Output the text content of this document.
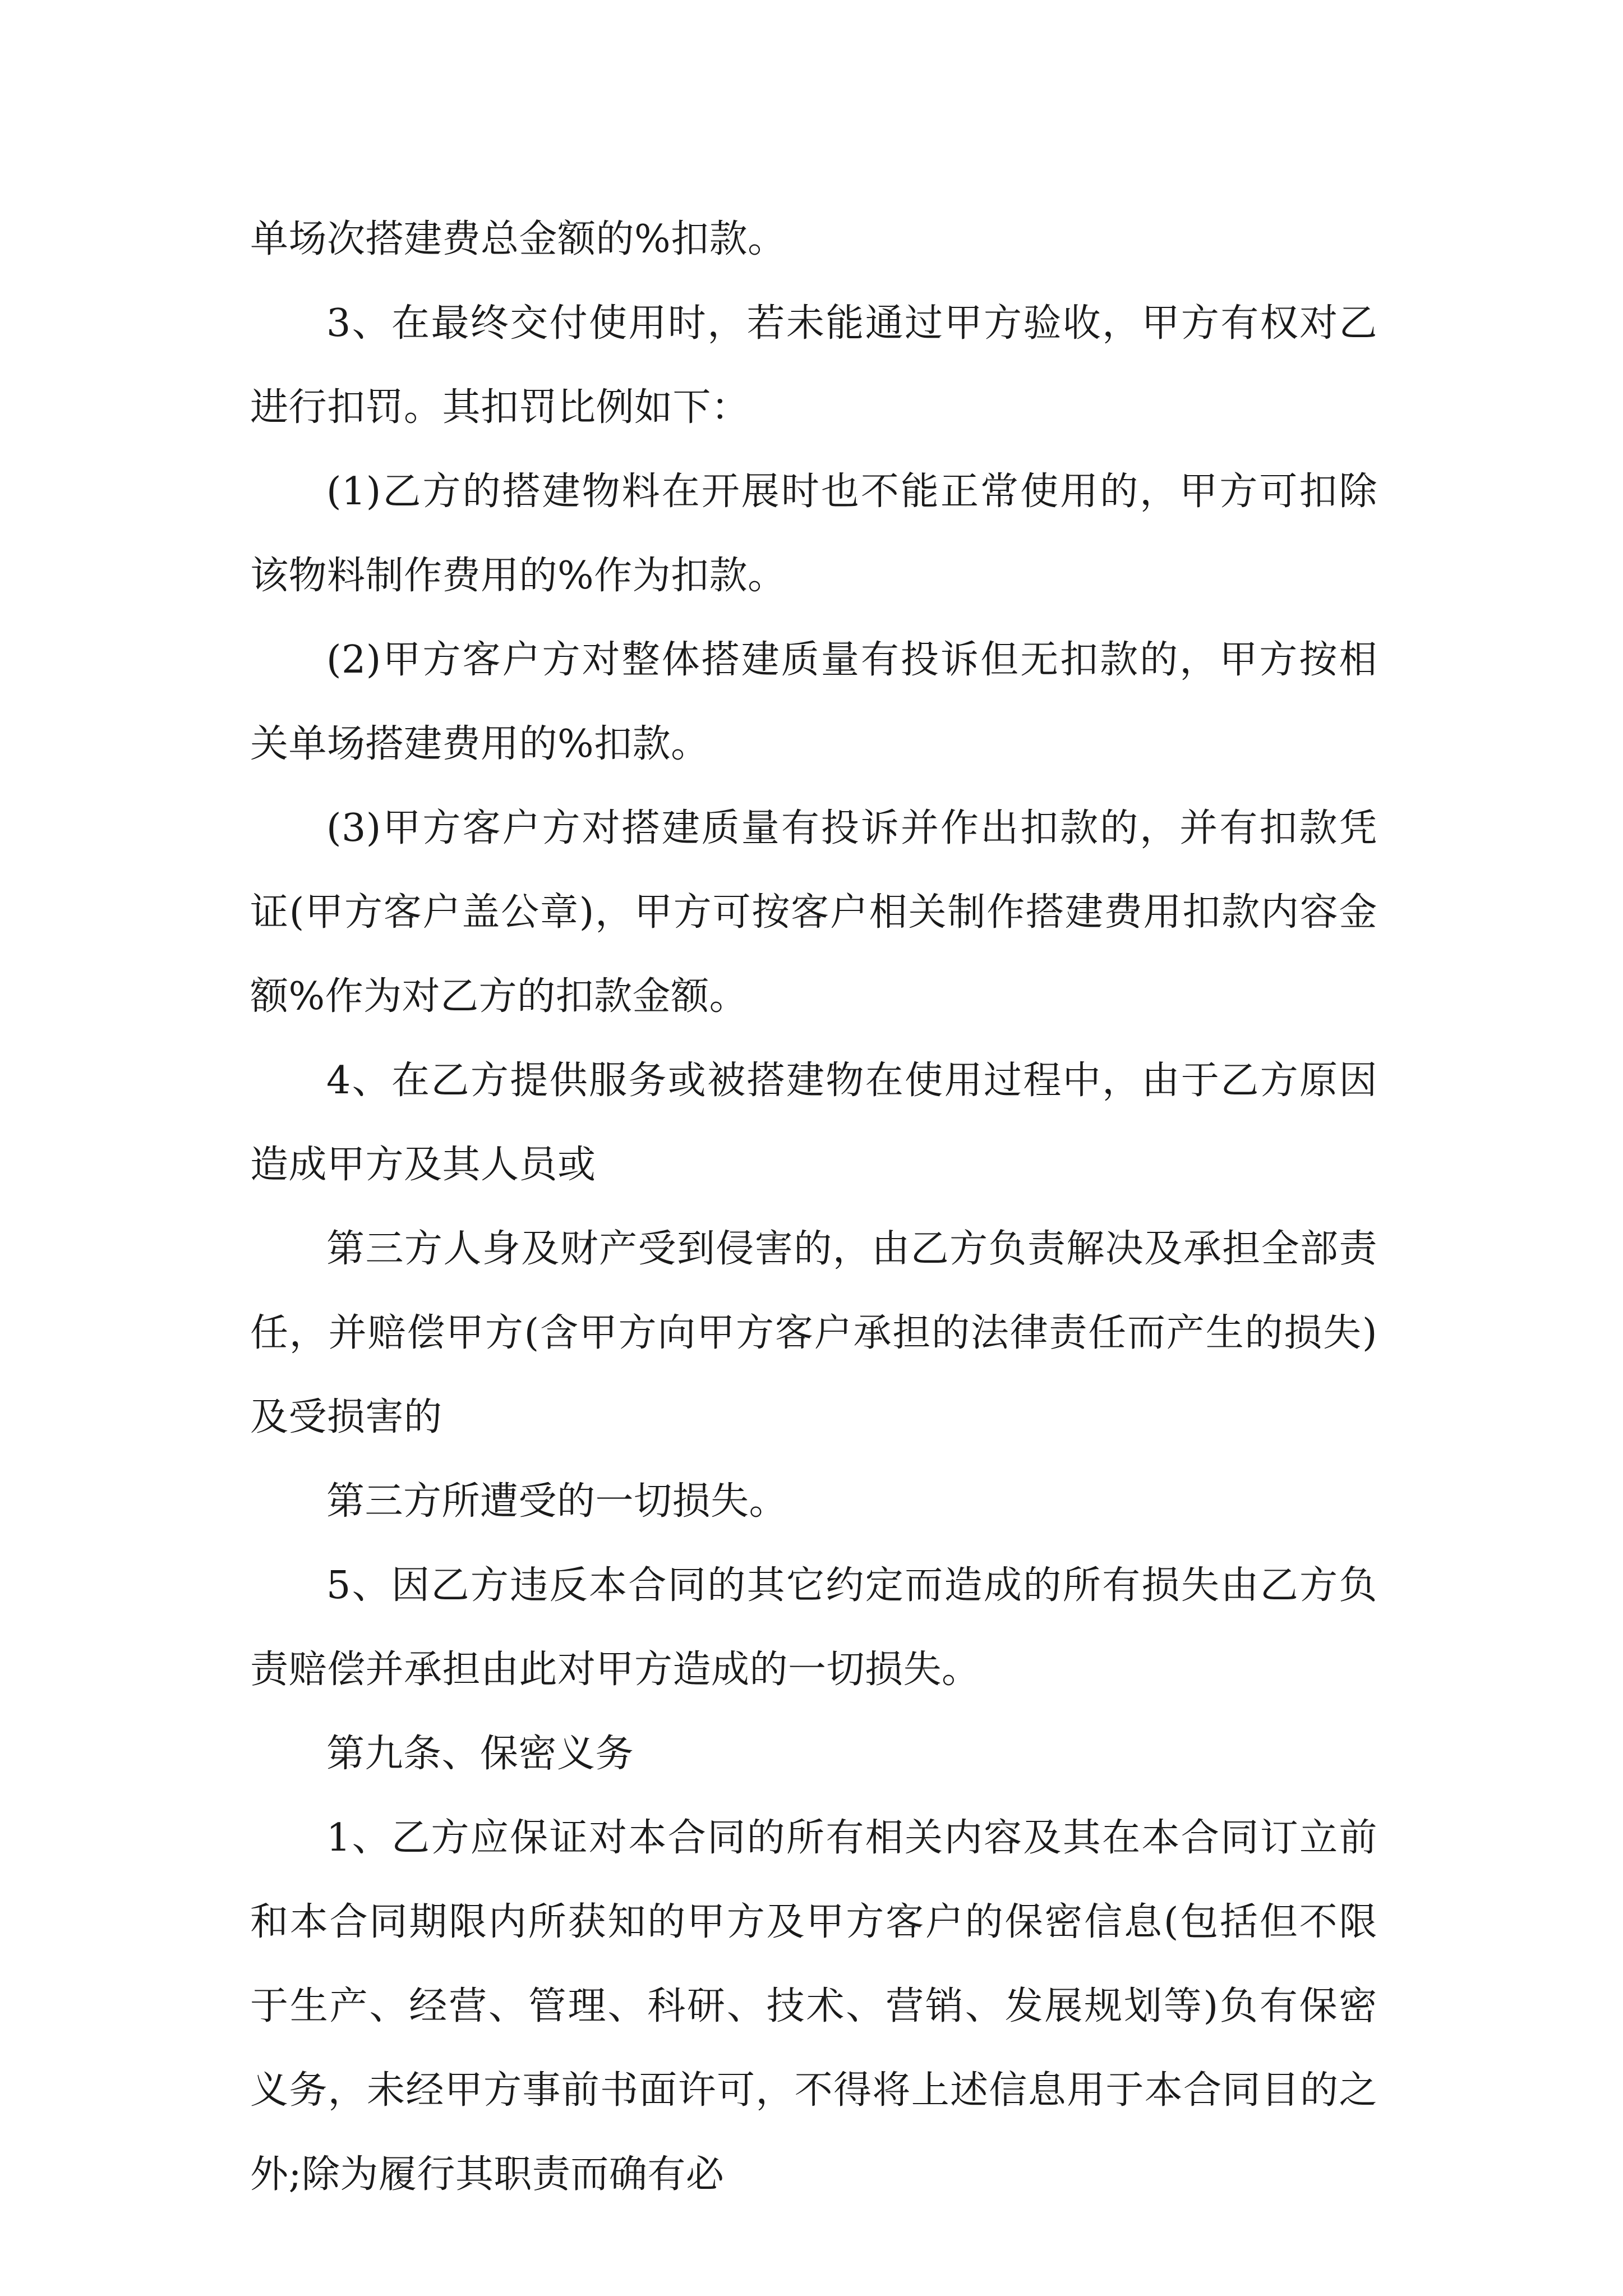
单场次搭建费总金额的%扣款。

3、在最终交付使用时，若未能通过甲方验收，甲方有权对乙进行扣罚。其扣罚比例如下：

(1)乙方的搭建物料在开展时也不能正常使用的，甲方可扣除该物料制作费用的%作为扣款。

(2)甲方客户方对整体搭建质量有投诉但无扣款的，甲方按相关单场搭建费用的%扣款。

(3)甲方客户方对搭建质量有投诉并作出扣款的，并有扣款凭证(甲方客户盖公章)，甲方可按客户相关制作搭建费用扣款内容金额%作为对乙方的扣款金额。

4、在乙方提供服务或被搭建物在使用过程中，由于乙方原因造成甲方及其人员或

第三方人身及财产受到侵害的，由乙方负责解决及承担全部责任，并赔偿甲方(含甲方向甲方客户承担的法律责任而产生的损失)及受损害的

第三方所遭受的一切损失。

5、因乙方违反本合同的其它约定而造成的所有损失由乙方负责赔偿并承担由此对甲方造成的一切损失。

第九条、保密义务

1、乙方应保证对本合同的所有相关内容及其在本合同订立前和本合同期限内所获知的甲方及甲方客户的保密信息(包括但不限于生产、经营、管理、科研、技术、营销、发展规划等)负有保密义务，未经甲方事前书面许可，不得将上述信息用于本合同目的之外;除为履行其职责而确有必
